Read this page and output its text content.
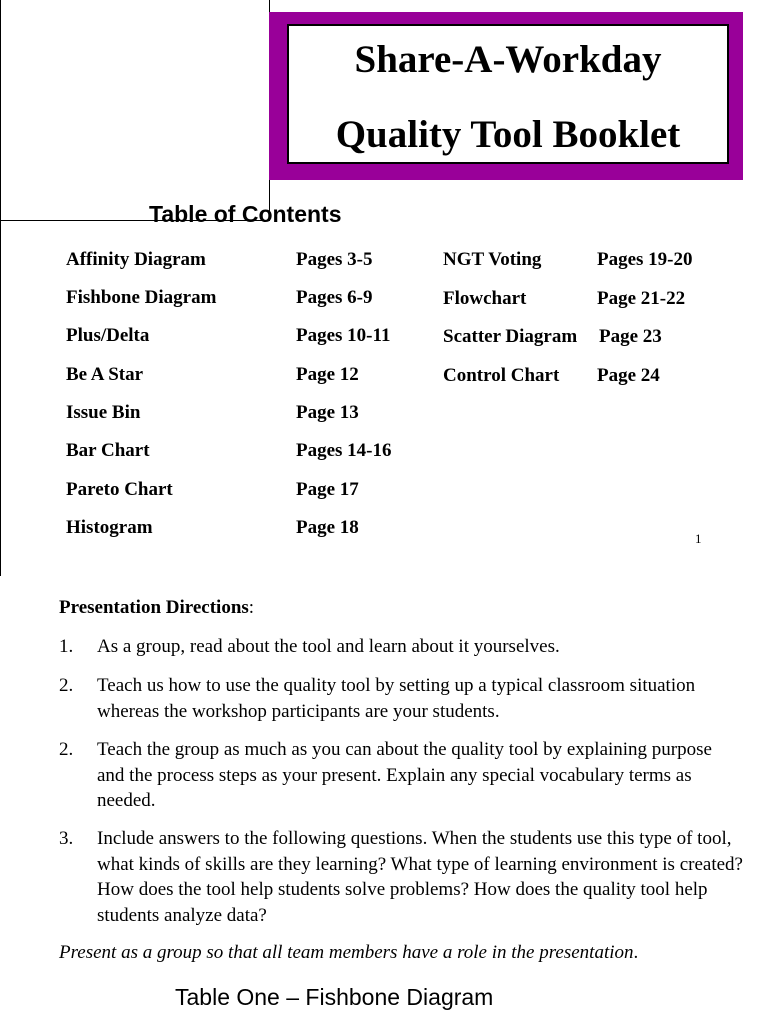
Share-A-Workday
Quality Tool Booklet
Table of Contents
Affinity Diagram	Pages 3-5
Fishbone Diagram	Pages 6-9
Plus/Delta	Pages 10-11
Be A Star	Page 12
Issue Bin	Page 13
Bar Chart	Pages 14-16
Pareto Chart	Page 17
Histogram	Page 18
NGT Voting	Pages 19-20
Flowchart	Page 21-22
Scatter Diagram Page 23
Control Chart Page 24
1
Presentation Directions:
1. As a group, read about the tool and learn about it yourselves.
2. Teach us how to use the quality tool by setting up a typical classroom situation whereas the workshop participants are your students.
2. Teach the group as much as you can about the quality tool by explaining purpose and the process steps as your present. Explain any special vocabulary terms as needed.
3. Include answers to the following questions. When the students use this type of tool, what kinds of skills are they learning? What type of learning environment is created? How does the tool help students solve problems? How does the quality tool help students analyze data?
Present as a group so that all team members have a role in the presentation.
Table One – Fishbone Diagram
